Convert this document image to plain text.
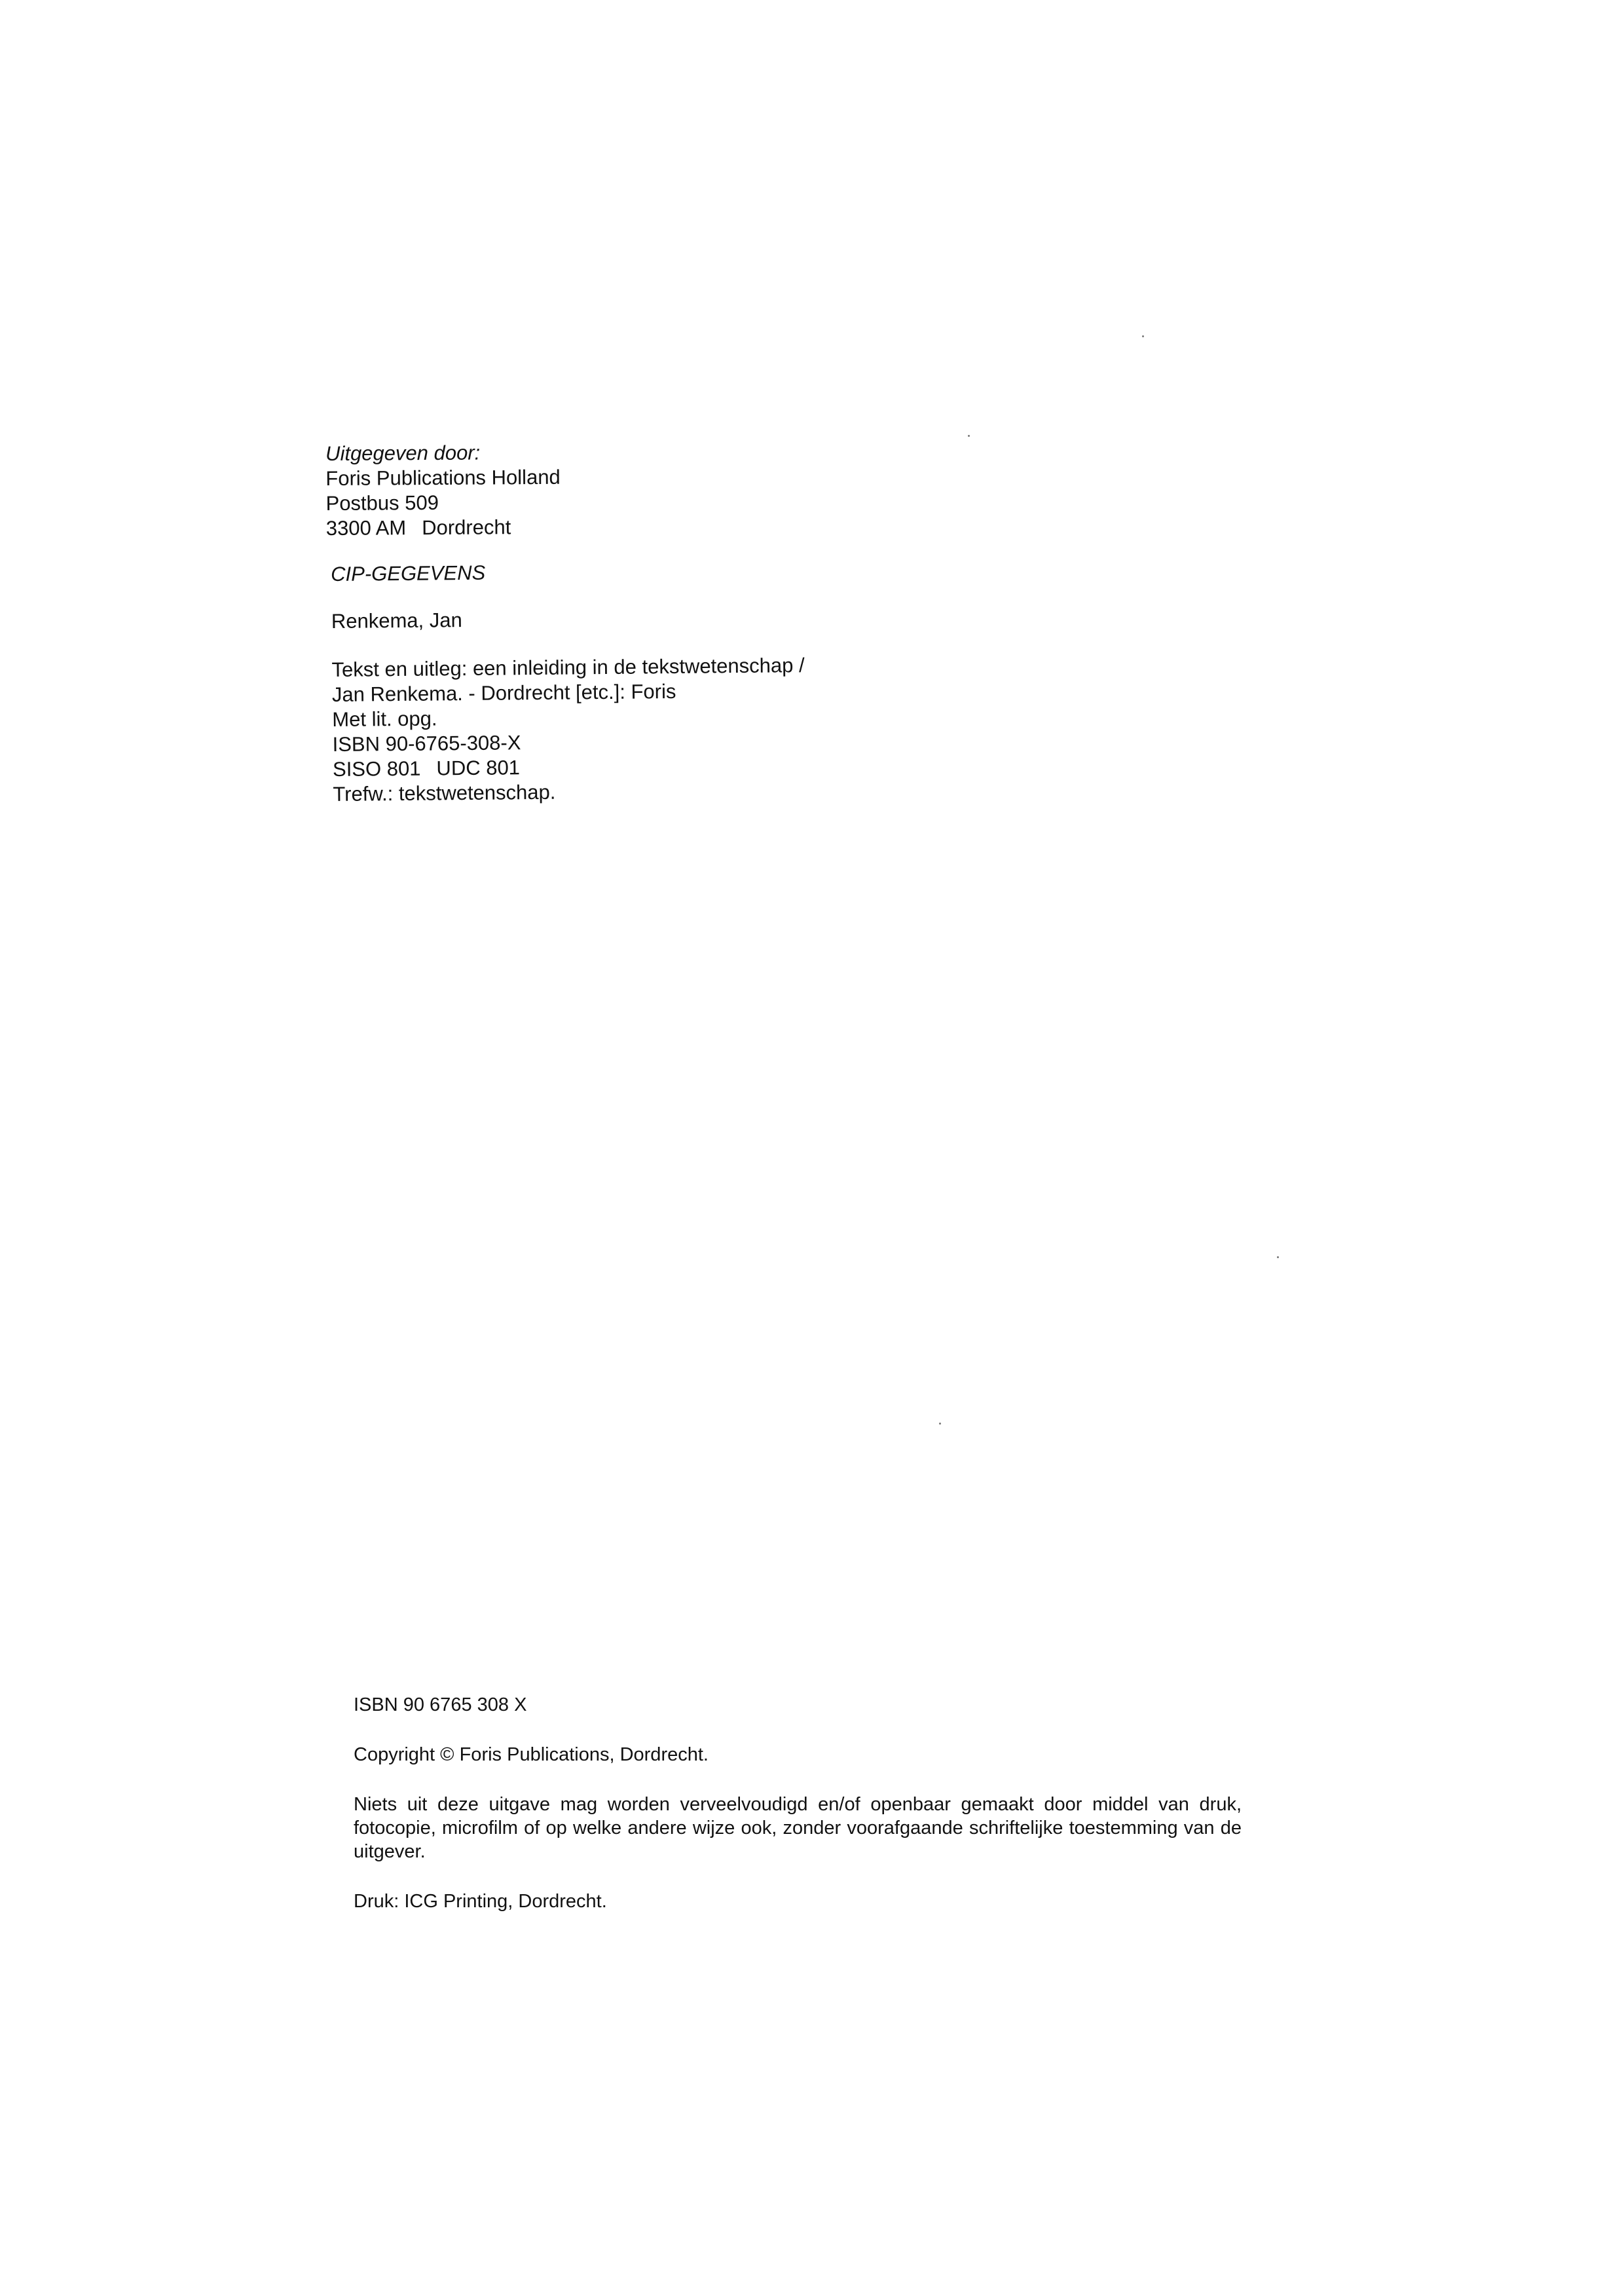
Uitgegeven door:
Foris Publications Holland
Postbus 509
3300 AM Dordrecht
CIP-GEGEVENS
Renkema, Jan
Tekst en uitleg: een inleiding in de tekstwetenschap /
Jan Renkema. - Dordrecht [etc.]: Foris
Met lit. opg.
ISBN 90-6765-308-X
SISO 801 UDC 801
Trefw.: tekstwetenschap.

ISBN 90 6765 308 X

Copyright © Foris Publications, Dordrecht.

Niets uit deze uitgave mag worden verveelvoudigd en/of openbaar gemaakt door middel van druk, fotocopie, microfilm of op welke andere wijze ook, zonder voorafgaande schriftelijke toestemming van de uitgever.

Druk: ICG Printing, Dordrecht.
